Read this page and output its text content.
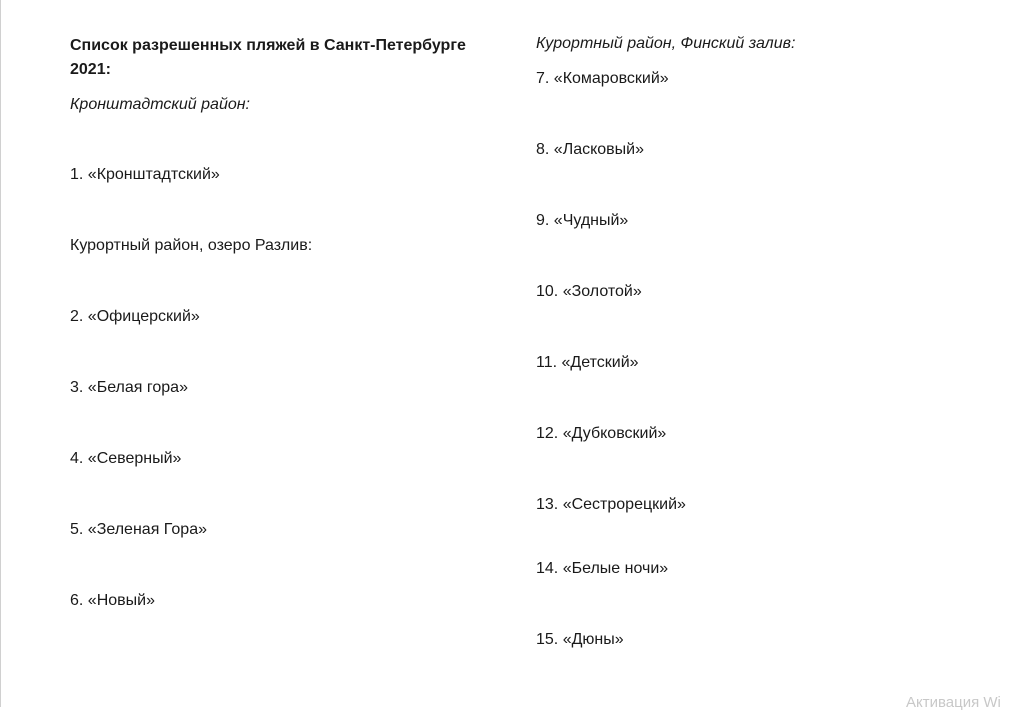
Список разрешенных пляжей в Санкт-Петербурге 2021:
Кронштадтский район:
1. «Кронштадтский»
Курортный район, озеро Разлив:
2. «Офицерский»
3. «Белая гора»
4. «Северный»
5. «Зеленая Гора»
6. «Новый»
Курортный район, Финский залив:
7. «Комаровский»
8. «Ласковый»
9. «Чудный»
10. «Золотой»
11. «Детский»
12. «Дубковский»
13. «Сестрорецкий»
14. «Белые ночи»
15. «Дюны»
Активация Wi
